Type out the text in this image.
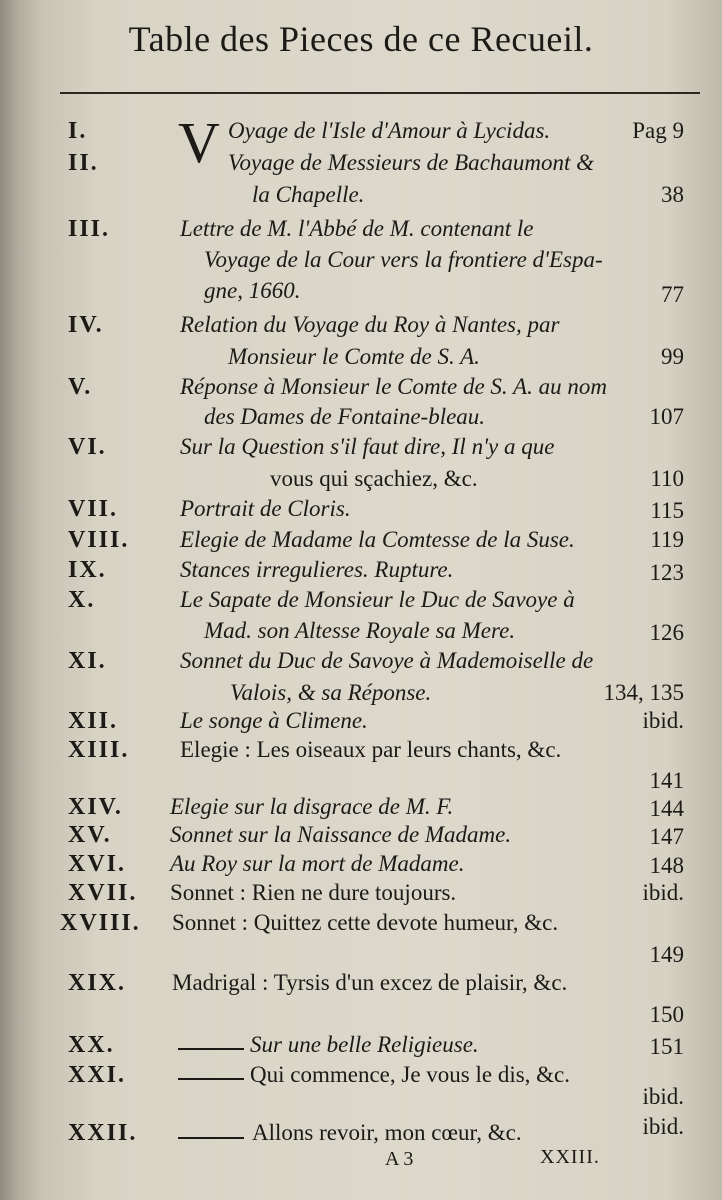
Table des Pieces de ce Recueil.
V
I.	Oyage de l'Isle d'Amour à Lycidas.	Pag 9
II.	Voyage de Messieurs de Bachaumont &
la Chapelle.	38
III.	Lettre de M. l'Abbé de M. contenant le
Voyage de la Cour vers la frontiere d'Espa-
gne, 1660.	77
IV.	Relation du Voyage du Roy à Nantes, par
Monsieur le Comte de S. A.	99
V.	Réponse à Monsieur le Comte de S. A. au nom
des Dames de Fontaine-bleau.	107
VI.	Sur la Question s'il faut dire, Il n'y a que
vous qui sçachiez, &c.	110
VII.	Portrait de Cloris.	115
VIII. Elegie de Madame la Comtesse de la Suse.	119
IX.	Stances irregulieres. Rupture.	123
X.	Le Sapate de Monsieur le Duc de Savoye à
Mad. son Altesse Royale sa Mere.	126
XI.	Sonnet du Duc de Savoye à Mademoiselle de
Valois, & sa Réponse.	134, 135
XII.	Le songe à Climene.	ibid.
XIII. Elegie : Les oiseaux par leurs chants, &c.
141
XIV. Elegie sur la disgrace de M. F.	144
XV.	Sonnet sur la Naissance de Madame.	147
XVI. Au Roy sur la mort de Madame.	148
XVII. Sonnet : Rien ne dure toujours.	ibid.
XVIII. Sonnet : Quittez cette devote humeur, &c.
149
XIX. Madrigal : Tyrsis d'un excez de plaisir, &c.
150
XX.	Sur une belle Religieuse.	151
XXI.	Qui commence, Je vous le dis, &c.
ibid.
XXII.	Allons revoir, mon cœur, &c.	ibid.
A 3	XXIII.
